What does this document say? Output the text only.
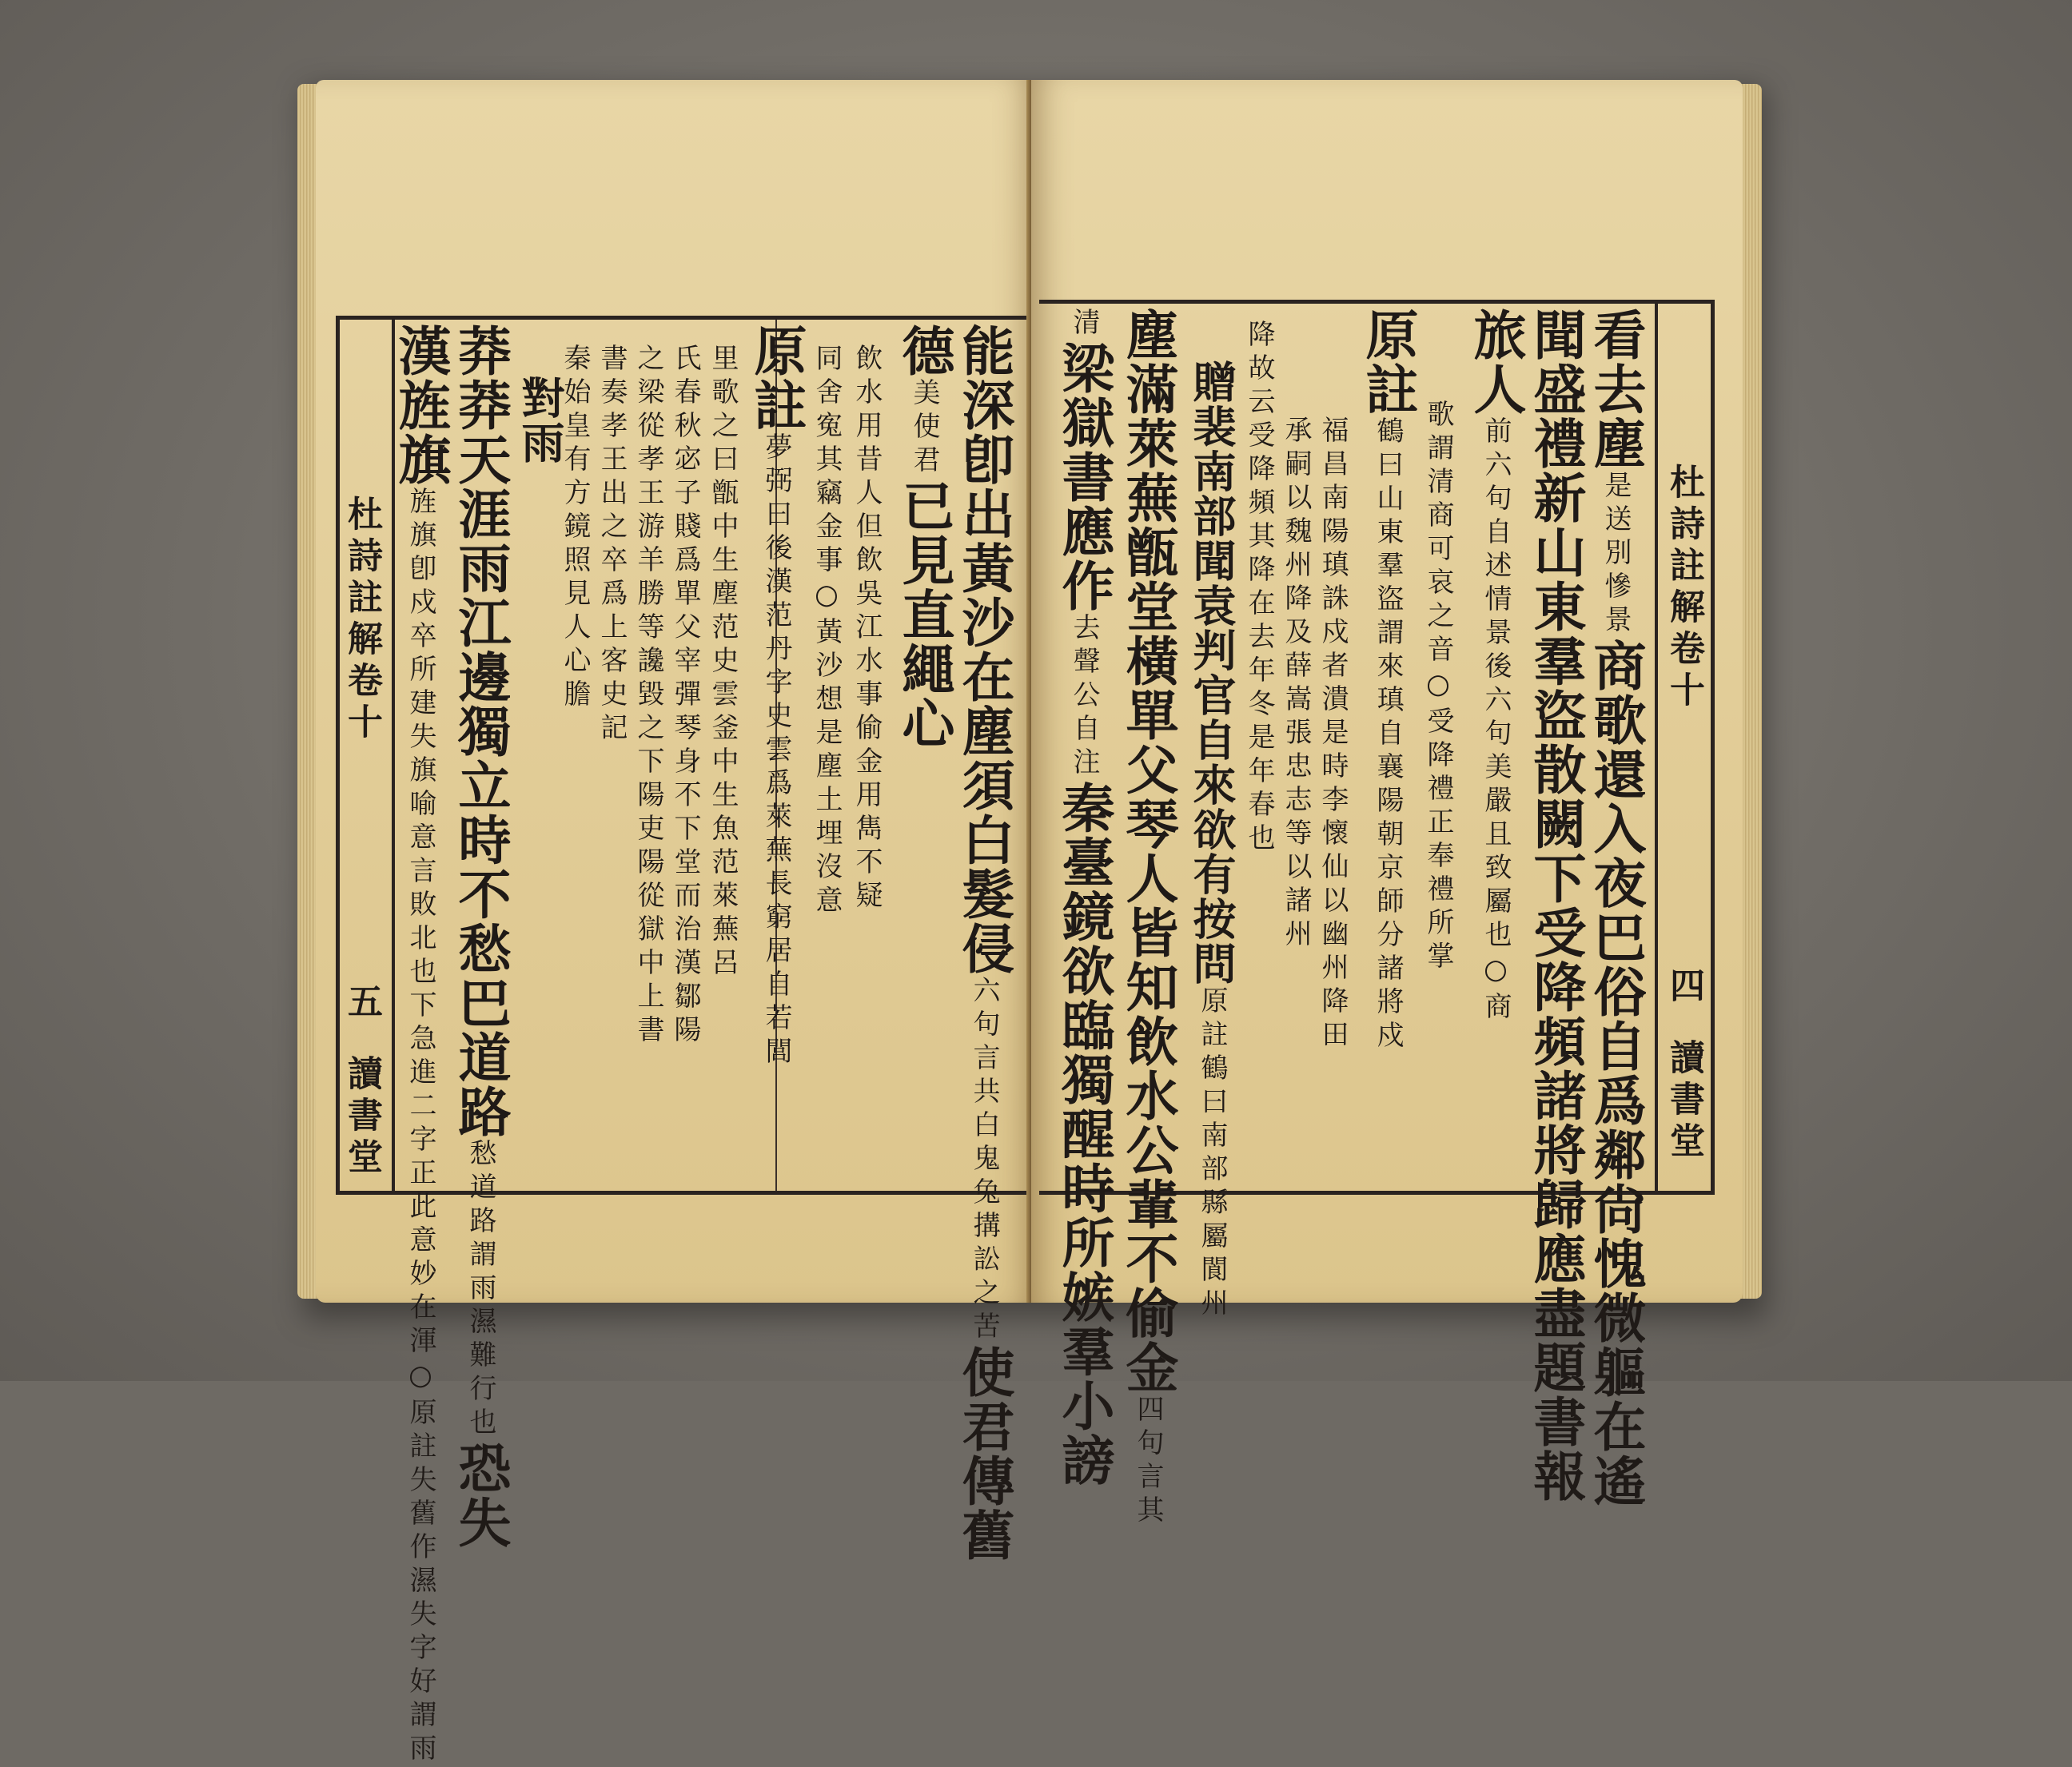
杜詩註解卷十
五
讀書堂
能深卽出黃沙在塵須白髮侵六句言共白鬼兔搆訟之苦使君傳舊
德美使君已見直繩心
飲水用昔人但飲吳江水事偷金用雋不疑
同舍寃其竊金事○黃沙想是塵土埋沒意
原註夢弼曰後漢范丹字史雲爲萊蕪長窮居自若閭
里歌之曰甑中生塵范史雲釜中生魚范萊蕪呂
氏春秋宓子賤爲單父宰彈琴身不下堂而治漢鄒陽
之梁從孝王游羊勝等讒毀之下陽吏陽從獄中上書
書奏孝王出之卒爲上客史記
秦始皇有方鏡照見人心膽
對雨
莽莽天涯雨江邊獨立時不愁巴道路愁道路謂雨濕難行也恐失
漢旌旗旌旗卽戍卒所建失旗喻意言敗北也下急進二字正此意妙在渾○原註失舊作濕失字好謂雨	杜詩註解卷十
四
讀書堂
看去塵是送別慘景商歌還入夜巴俗自爲鄰尙愧微軀在遙
聞盛禮新山東羣盜散闕下受降頻諸將歸應盡題書報
旅人前六句自述情景後六句美嚴且致屬也○商
歌謂清商可哀之音○受降禮正奉禮所掌
原註鶴曰山東羣盜謂來瑱自襄陽朝京師分諸將戍
福昌南陽瑱誅戍者潰是時李懷仙以幽州降田
承嗣以魏州降及薛嵩張忠志等以諸州
降故云受降頻其降在去年冬是年春也
贈裴南部聞袁判官自來欲有按問原註鶴曰南部縣屬閬州
塵滿萊蕪甑堂橫單父琴人皆知飲水公輩不偷金四句言其
清梁獄書應作去聲公自注秦臺鏡欲臨獨醒時所嫉羣小謗
